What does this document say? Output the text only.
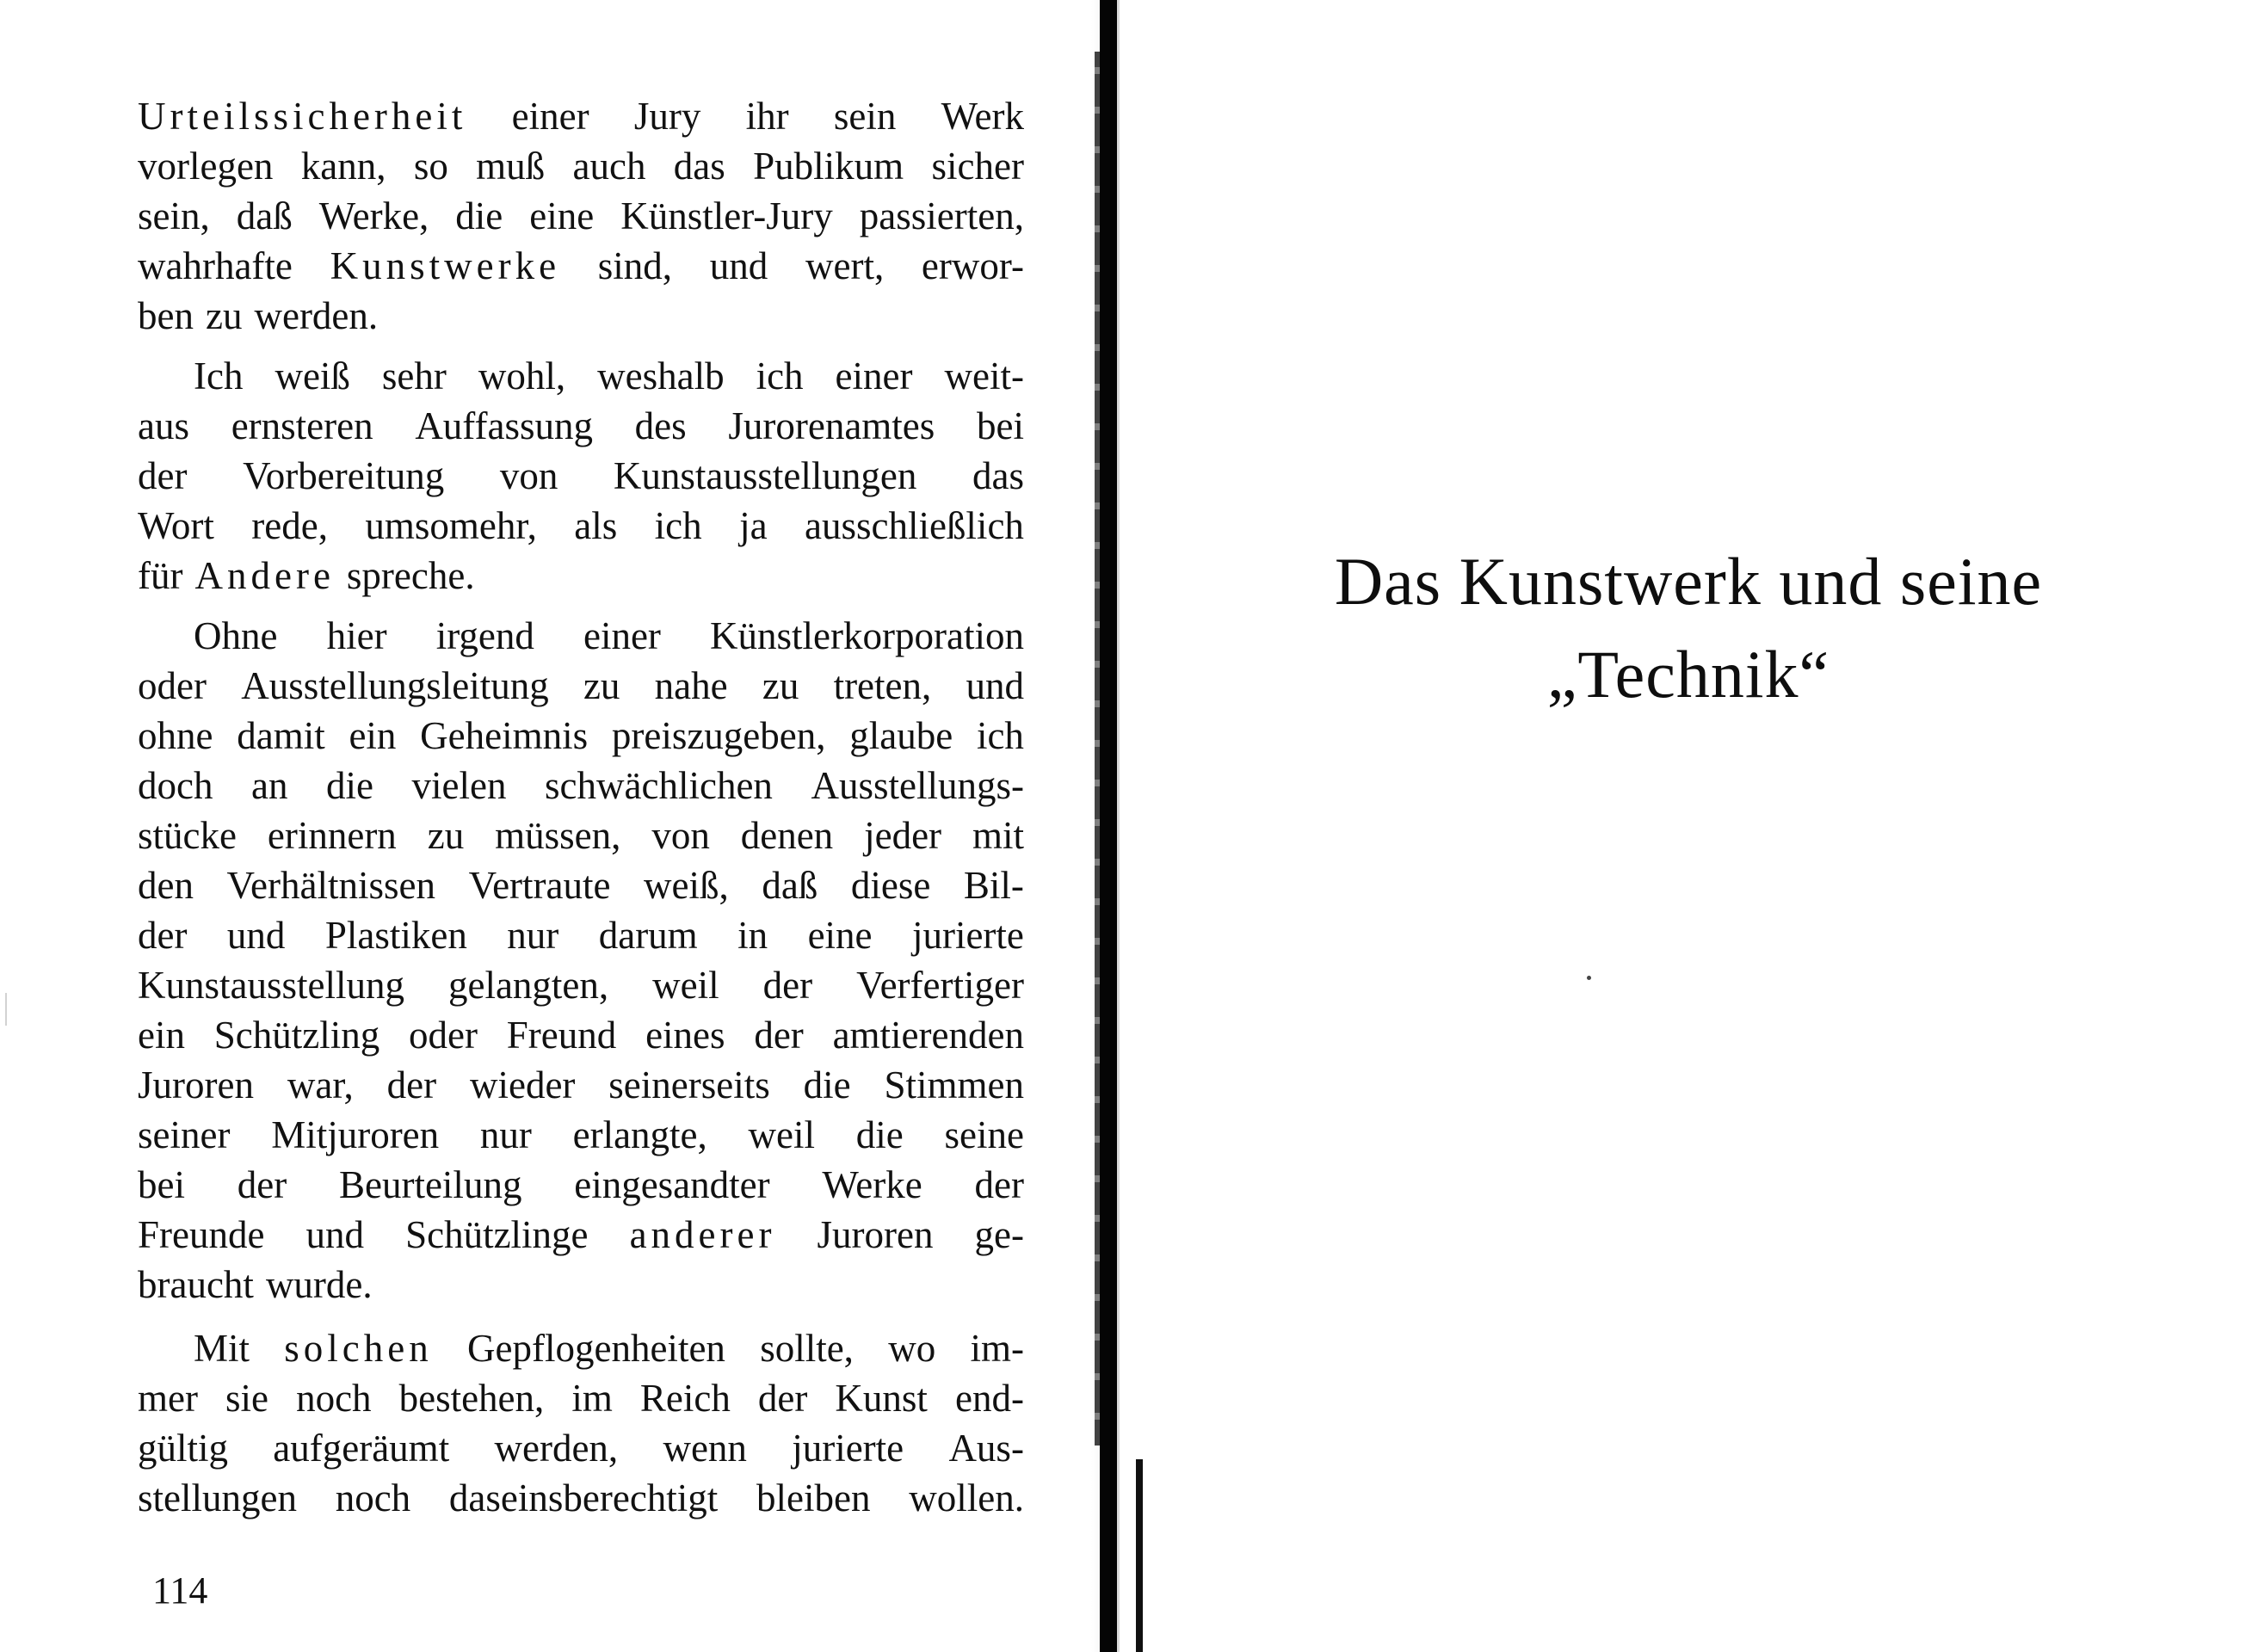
Urteilssicherheit einer Jury ihr sein Werk
vorlegen kann, so muß auch das Publikum sicher
sein, daß Werke, die eine Künstler-Jury passierten,
wahrhafte Kunstwerke sind, und wert, erwor-
ben zu werden.
Ich weiß sehr wohl, weshalb ich einer weit-
aus ernsteren Auffassung des Jurorenamtes bei
der Vorbereitung von Kunstausstellungen das
Wort rede, umsomehr, als ich ja ausschließlich
für Andere spreche.
Ohne hier irgend einer Künstlerkorporation
oder Ausstellungsleitung zu nahe zu treten, und
ohne damit ein Geheimnis preiszugeben, glaube ich
doch an die vielen schwächlichen Ausstellungs-
stücke erinnern zu müssen, von denen jeder mit
den Verhältnissen Vertraute weiß, daß diese Bil-
der und Plastiken nur darum in eine jurierte
Kunstausstellung gelangten, weil der Verfertiger
ein Schützling oder Freund eines der amtierenden
Juroren war, der wieder seinerseits die Stimmen
seiner Mitjuroren nur erlangte, weil die seine
bei der Beurteilung eingesandter Werke der
Freunde und Schützlinge anderer Juroren ge-
braucht wurde.
Mit solchen Gepflogenheiten sollte, wo im-
mer sie noch bestehen, im Reich der Kunst end-
gültig aufgeräumt werden, wenn jurierte Aus-
stellungen noch daseinsberechtigt bleiben wollen.
114
Das Kunstwerk und seine
„Technik“
